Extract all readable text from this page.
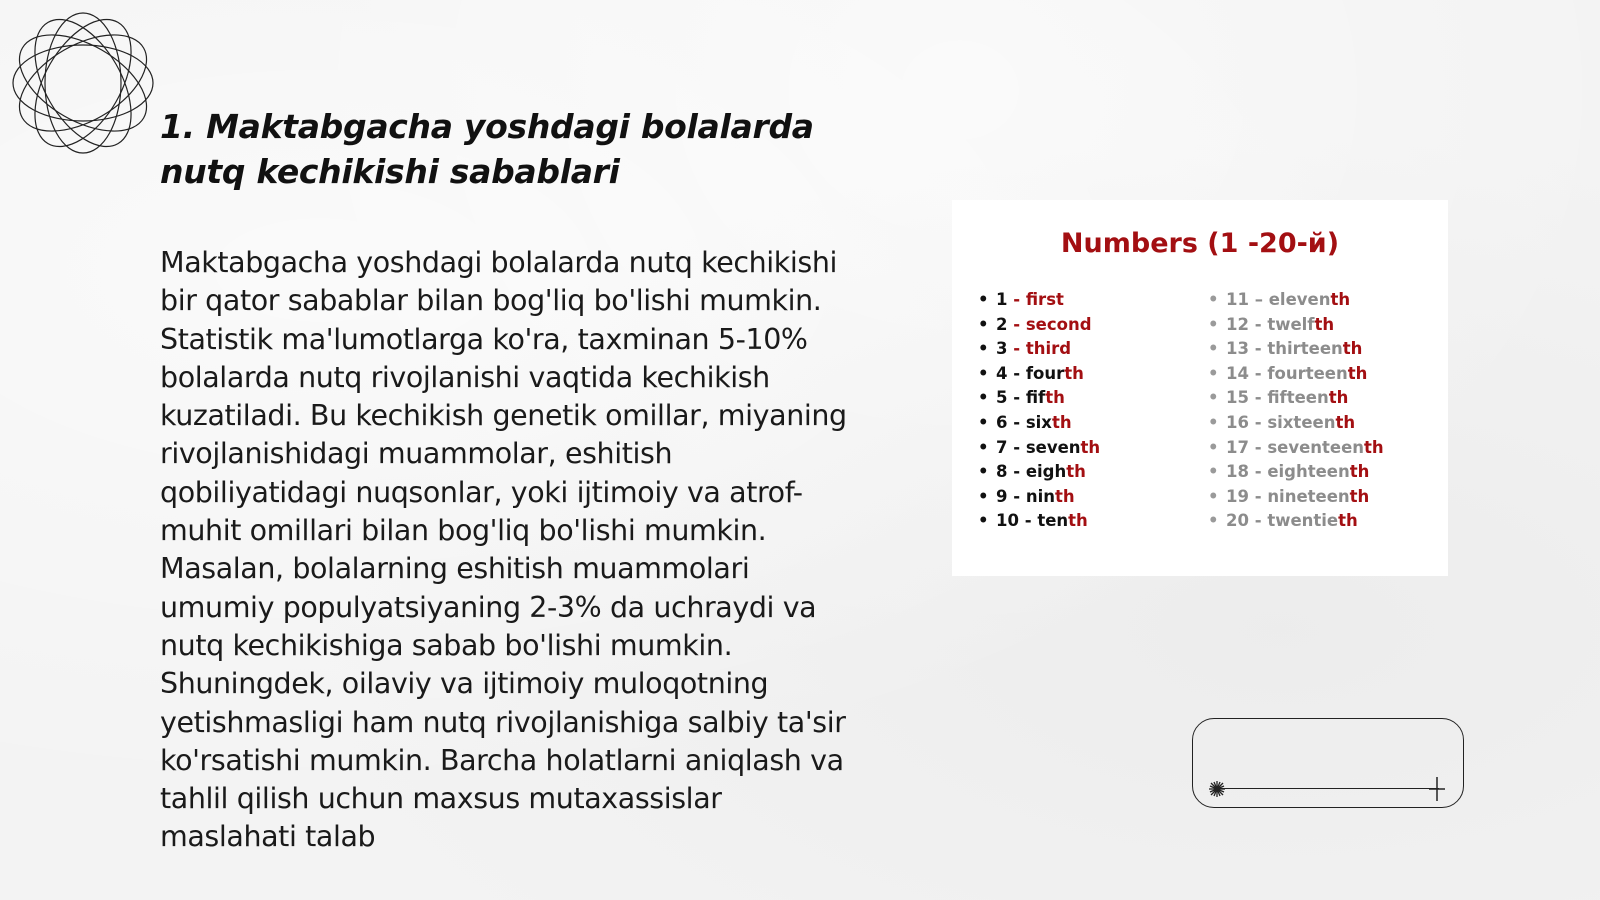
1. Maktabgacha yoshdagi bolalarda nutq kechikishi sabablari

Maktabgacha yoshdagi bolalarda nutq kechikishi bir qator sabablar bilan bog'liq bo'lishi mumkin. Statistik ma'lumotlarga ko'ra, taxminan 5-10% bolalarda nutq rivojlanishi vaqtida kechikish kuzatiladi. Bu kechikish genetik omillar, miyaning rivojlanishidagi muammolar, eshitish qobiliyatidagi nuqsonlar, yoki ijtimoiy va atrof-muhit omillari bilan bog'liq bo'lishi mumkin. Masalan, bolalarning eshitish muammolari umumiy populyatsiyaning 2-3% da uchraydi va nutq kechikishiga sabab bo'lishi mumkin. Shuningdek, oilaviy va ijtimoiy muloqotning yetishmasligi ham nutq rivojlanishiga salbiy ta'sir ko'rsatishi mumkin. Barcha holatlarni aniqlash va tahlil qilish uchun maxsus mutaxassislar maslahati talab

Numbers (1 -20-й)
• 1 - first
• 2 - second
• 3 - third
• 4 - fourth
• 5 - fifth
• 6 - sixth
• 7 - seventh
• 8 - eighth
• 9 - ninth
• 10 - tenth
• 11 – eleventh
• 12 - twelfth
• 13 - thirteenth
• 14 - fourteenth
• 15 - fifteenth
• 16 - sixteenth
• 17 - seventeenth
• 18 - eighteenth
• 19 - nineteenth
• 20 - twentieth
